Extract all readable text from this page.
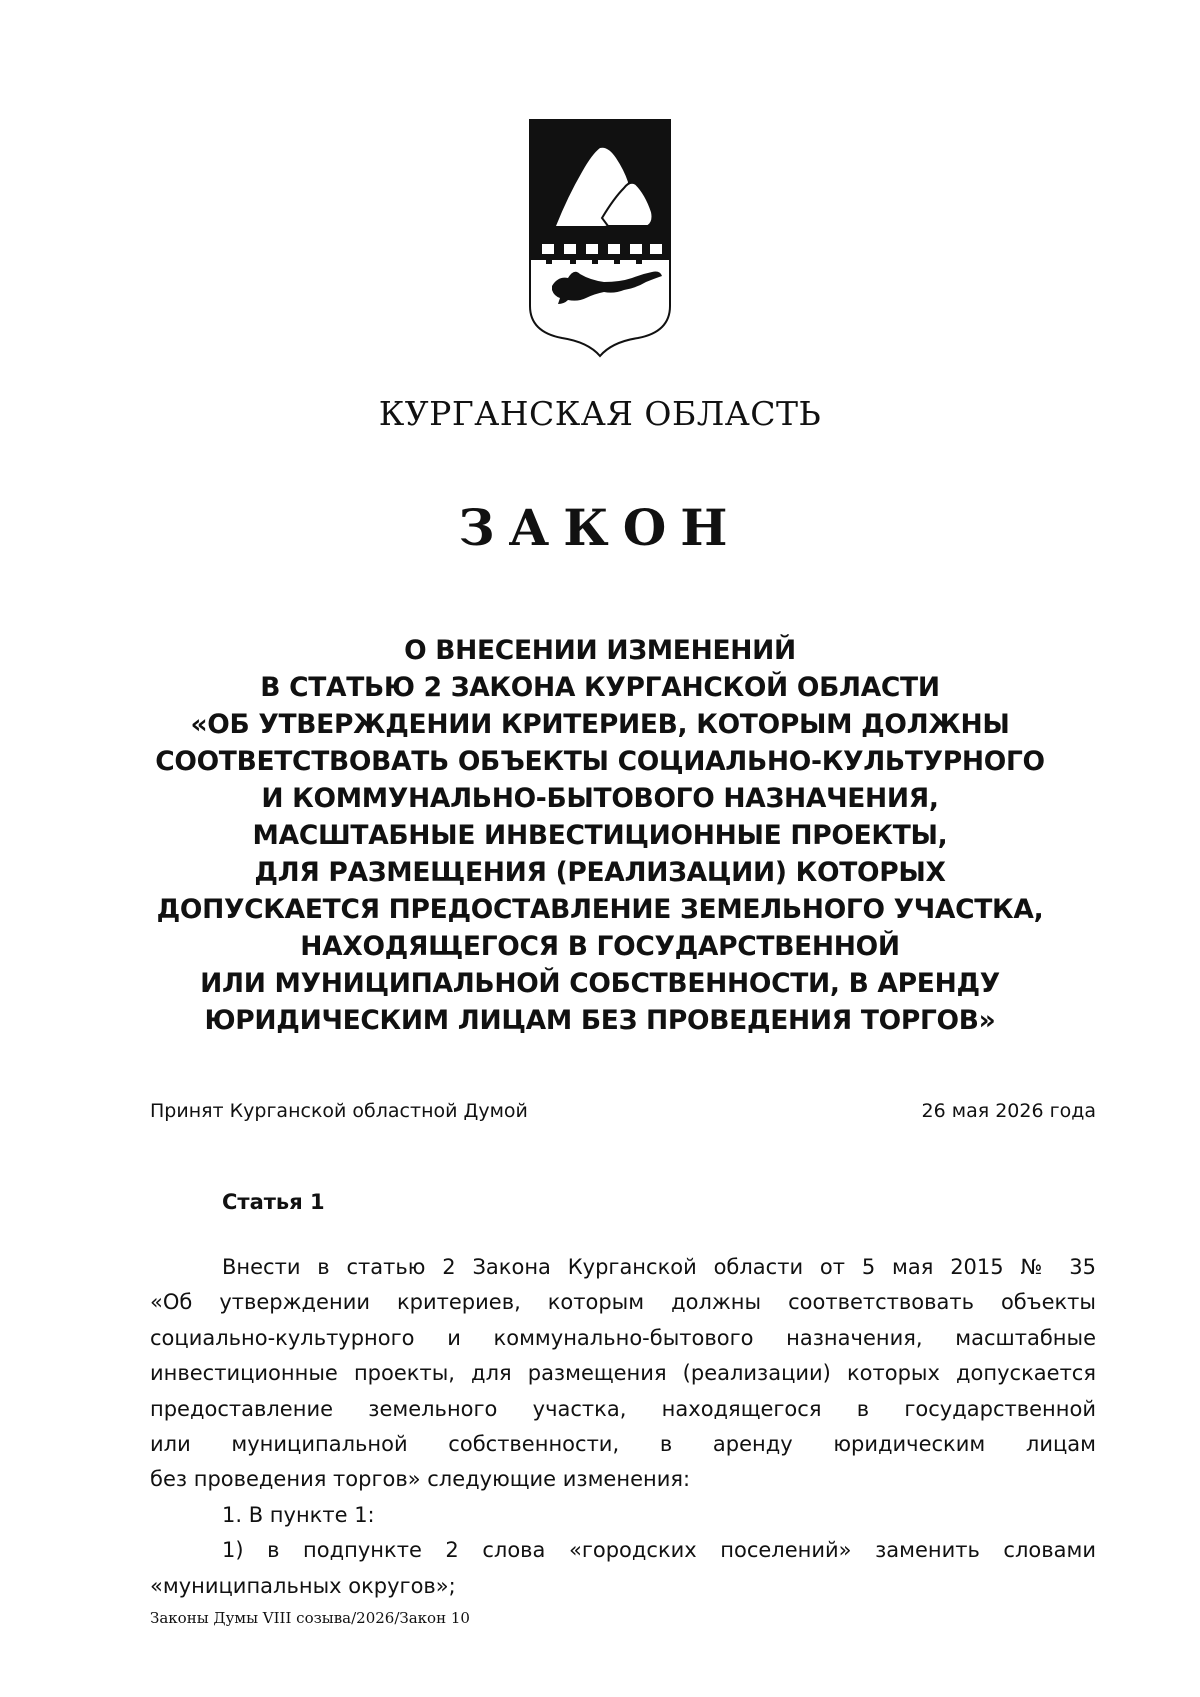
КУРГАНСКАЯ ОБЛАСТЬ
ЗАКОН
О ВНЕСЕНИИ ИЗМЕНЕНИЙ
В СТАТЬЮ 2 ЗАКОНА КУРГАНСКОЙ ОБЛАСТИ
«ОБ УТВЕРЖДЕНИИ КРИТЕРИЕВ, КОТОРЫМ ДОЛЖНЫ
СООТВЕТСТВОВАТЬ ОБЪЕКТЫ СОЦИАЛЬНО-КУЛЬТУРНОГО
И КОММУНАЛЬНО-БЫТОВОГО НАЗНАЧЕНИЯ,
МАСШТАБНЫЕ ИНВЕСТИЦИОННЫЕ ПРОЕКТЫ,
ДЛЯ РАЗМЕЩЕНИЯ (РЕАЛИЗАЦИИ) КОТОРЫХ
ДОПУСКАЕТСЯ ПРЕДОСТАВЛЕНИЕ ЗЕМЕЛЬНОГО УЧАСТКА,
НАХОДЯЩЕГОСЯ В ГОСУДАРСТВЕННОЙ
ИЛИ МУНИЦИПАЛЬНОЙ СОБСТВЕННОСТИ, В АРЕНДУ
ЮРИДИЧЕСКИМ ЛИЦАМ БЕЗ ПРОВЕДЕНИЯ ТОРГОВ»
Принят Курганской областной Думой	26 мая 2026 года
Статья 1
Внести в статью 2 Закона Курганской области от 5 мая 2015 № 35
«Об утверждении критериев, которым должны соответствовать объекты
социально-культурного и коммунально-бытового назначения, масштабные
инвестиционные проекты, для размещения (реализации) которых допускается
предоставление земельного участка, находящегося в государственной
или муниципальной собственности, в аренду юридическим лицам
без проведения торгов» следующие изменения:
1. В пункте 1:
1) в подпункте 2 слова «городских поселений» заменить словами
«муниципальных округов»;
Законы Думы VIII созыва/2026/Закон 10
